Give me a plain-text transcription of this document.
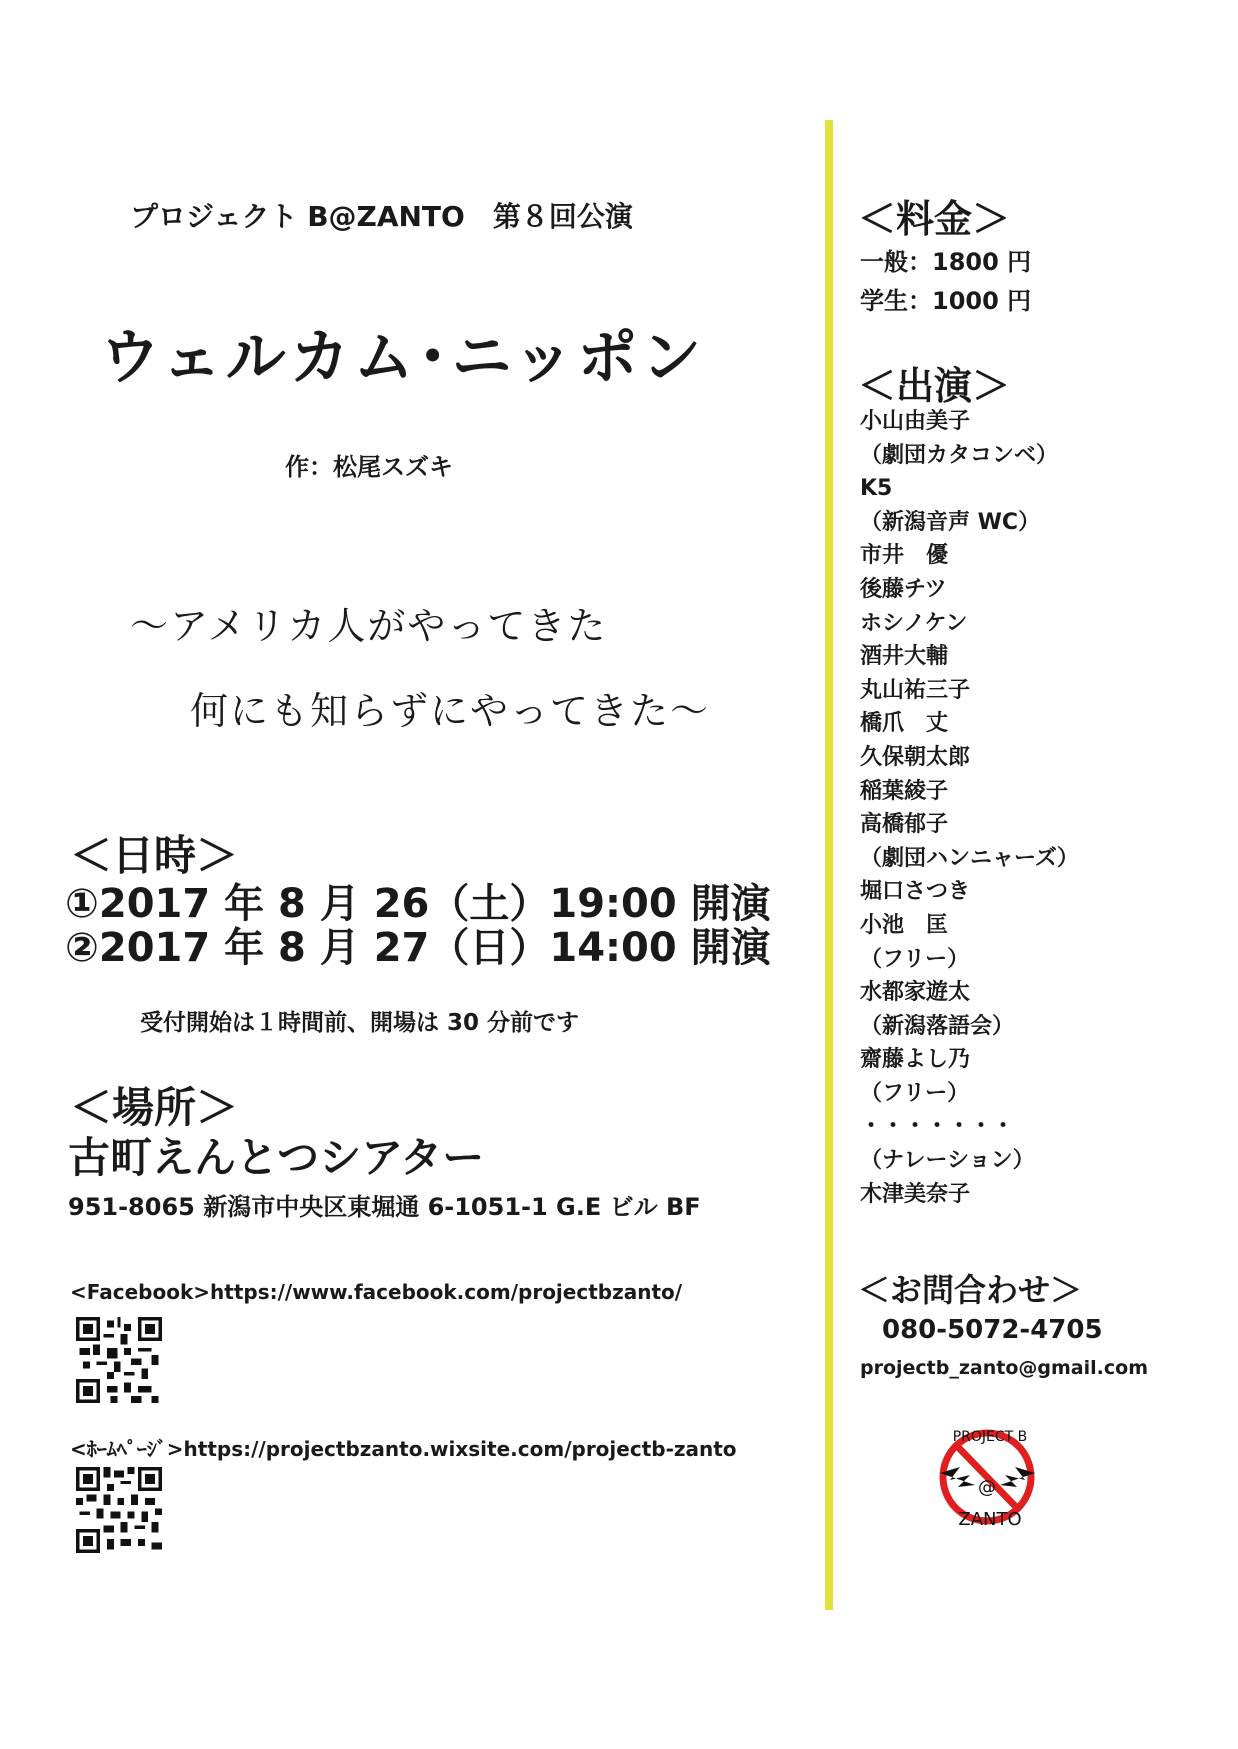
プロジェクト B@ZANTO　第８回公演
ウェルカム･ニッポン
作：松尾スズキ
～アメリカ人がやってきた
何にも知らずにやってきた～
＜日時＞
①2017 年 8 月 26（土）19:00 開演
②2017 年 8 月 27（日）14:00 開演
受付開始は１時間前、開場は 30 分前です
＜場所＞
古町えんとつシアター
951-8065 新潟市中央区東堀通 6-1051-1 G.E ビル BF
<Facebook>https://www.facebook.com/projectbzanto/
<ﾎｰﾑﾍﾟｰｼﾞ>https://projectbzanto.wixsite.com/projectb-zanto
＜料金＞
一般：1800 円
学生：1000 円
＜出演＞
小山由美子
（劇団カタコンベ）
K5
（新潟音声 WC）
市井　優
後藤チツ
ホシノケン
酒井大輔
丸山祐三子
橋爪　丈
久保朝太郎
稲葉綾子
高橋郁子
（劇団ハンニャーズ）
堀口さつき
小池　匡
（フリー）
水都家遊太
（新潟落語会）
齋藤よし乃
（フリー）
・・・・・・・
（ナレーション）
木津美奈子
＜お問合わせ＞
080-5072-4705
projectb_zanto@gmail.com
@
PROJECT B
ZANTO
